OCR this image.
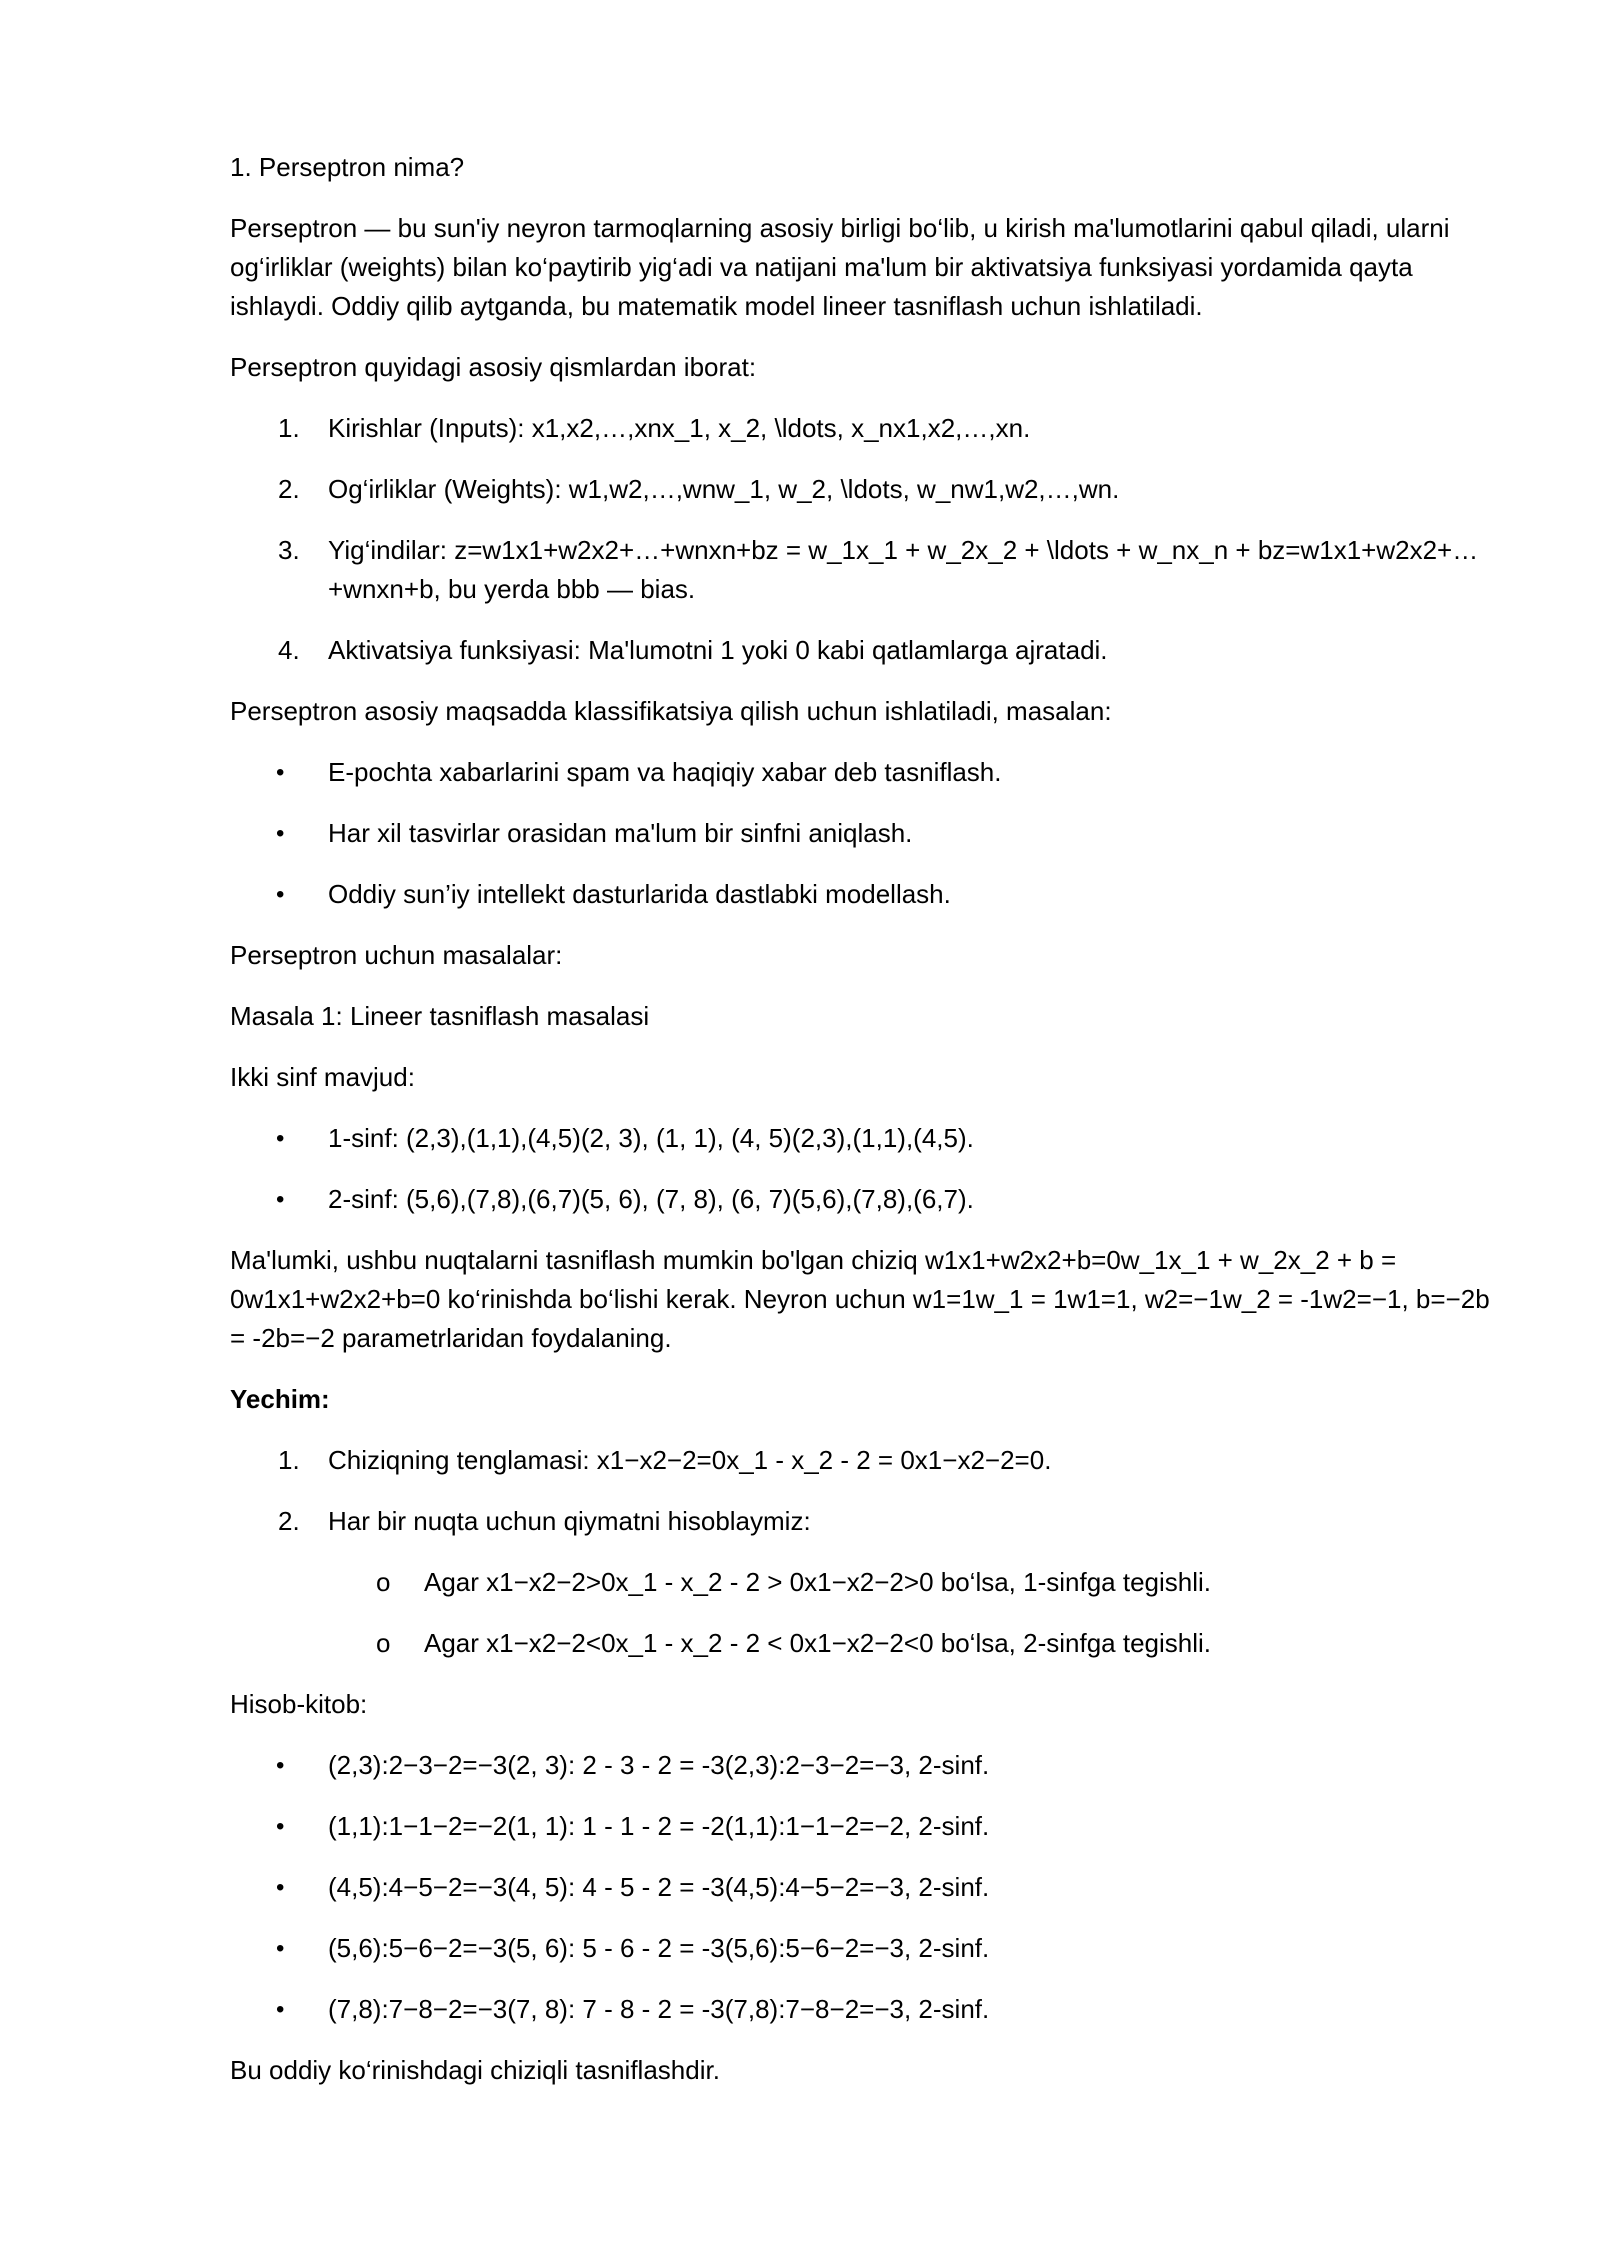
1. Perseptron nima?

Perseptron — bu sun'iy neyron tarmoqlarning asosiy birligi bo‘lib, u kirish ma'lumotlarini qabul qiladi, ularni og‘irliklar (weights) bilan ko‘paytirib yig‘adi va natijani ma'lum bir aktivatsiya funksiyasi yordamida qayta ishlaydi. Oddiy qilib aytganda, bu matematik model lineer tasniflash uchun ishlatiladi.

Perseptron quyidagi asosiy qismlardan iborat:

1. Kirishlar (Inputs): x1,x2,…,xnx_1, x_2, \ldots, x_nx1,x2,…,xn.
2. Og‘irliklar (Weights): w1,w2,…,wnw_1, w_2, \ldots, w_nw1,w2,…,wn.
3. Yig‘indilar: z=w1x1+w2x2+…+wnxn+bz = w_1x_1 + w_2x_2 + \ldots + w_nx_n + bz=w1x1+w2x2+…+wnxn+b, bu yerda bbb — bias.
4. Aktivatsiya funksiyasi: Ma'lumotni 1 yoki 0 kabi qatlamlarga ajratadi.

Perseptron asosiy maqsadda klassifikatsiya qilish uchun ishlatiladi, masalan:

• E-pochta xabarlarini spam va haqiqiy xabar deb tasniflash.
• Har xil tasvirlar orasidan ma'lum bir sinfni aniqlash.
• Oddiy sun’iy intellekt dasturlarida dastlabki modellash.

Perseptron uchun masalalar:

Masala 1: Lineer tasniflash masalasi

Ikki sinf mavjud:

• 1-sinf: (2,3),(1,1),(4,5)(2, 3), (1, 1), (4, 5)(2,3),(1,1),(4,5).
• 2-sinf: (5,6),(7,8),(6,7)(5, 6), (7, 8), (6, 7)(5,6),(7,8),(6,7).

Ma'lumki, ushbu nuqtalarni tasniflash mumkin bo'lgan chiziq w1x1+w2x2+b=0w_1x_1 + w_2x_2 + b = 0w1x1+w2x2+b=0 ko‘rinishda bo‘lishi kerak. Neyron uchun w1=1w_1 = 1w1=1, w2=−1w_2 = -1w2=−1, b=−2b = -2b=−2 parametrlaridan foydalaning.

Yechim:

1. Chiziqning tenglamasi: x1−x2−2=0x_1 - x_2 - 2 = 0x1−x2−2=0.
2. Har bir nuqta uchun qiymatni hisoblaymiz:
o Agar x1−x2−2>0x_1 - x_2 - 2 > 0x1−x2−2>0 bo‘lsa, 1-sinfga tegishli.
o Agar x1−x2−2<0x_1 - x_2 - 2 < 0x1−x2−2<0 bo‘lsa, 2-sinfga tegishli.

Hisob-kitob:

• (2,3):2−3−2=−3(2, 3): 2 - 3 - 2 = -3(2,3):2−3−2=−3, 2-sinf.
• (1,1):1−1−2=−2(1, 1): 1 - 1 - 2 = -2(1,1):1−1−2=−2, 2-sinf.
• (4,5):4−5−2=−3(4, 5): 4 - 5 - 2 = -3(4,5):4−5−2=−3, 2-sinf.
• (5,6):5−6−2=−3(5, 6): 5 - 6 - 2 = -3(5,6):5−6−2=−3, 2-sinf.
• (7,8):7−8−2=−3(7, 8): 7 - 8 - 2 = -3(7,8):7−8−2=−3, 2-sinf.

Bu oddiy ko‘rinishdagi chiziqli tasniflashdir.
